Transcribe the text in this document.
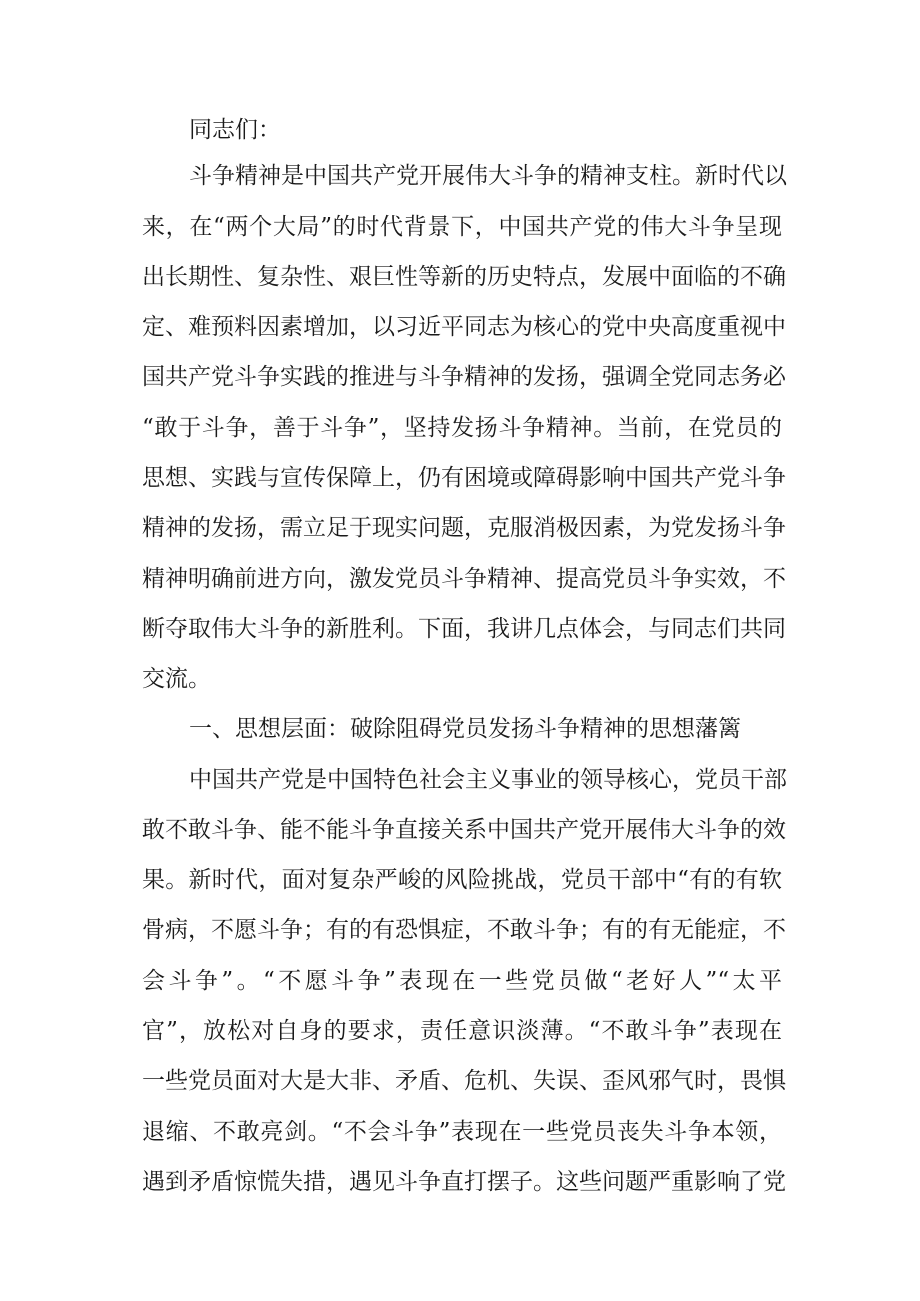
同志们：
斗争精神是中国共产党开展伟大斗争的精神支柱。新时代以
来，在“两个大局”的时代背景下，中国共产党的伟大斗争呈现
出长期性、复杂性、艰巨性等新的历史特点，发展中面临的不确
定、难预料因素增加，以习近平同志为核心的党中央高度重视中
国共产党斗争实践的推进与斗争精神的发扬，强调全党同志务必
“敢于斗争，善于斗争”，坚持发扬斗争精神。当前，在党员的
思想、实践与宣传保障上，仍有困境或障碍影响中国共产党斗争
精神的发扬，需立足于现实问题，克服消极因素，为党发扬斗争
精神明确前进方向，激发党员斗争精神、提高党员斗争实效，不
断夺取伟大斗争的新胜利。下面，我讲几点体会，与同志们共同
交流。
一、思想层面：破除阻碍党员发扬斗争精神的思想藩篱
中国共产党是中国特色社会主义事业的领导核心，党员干部
敢不敢斗争、能不能斗争直接关系中国共产党开展伟大斗争的效
果。新时代，面对复杂严峻的风险挑战，党员干部中“有的有软
骨病，不愿斗争；有的有恐惧症，不敢斗争；有的有无能症，不
会斗争”。“不愿斗争”表现在一些党员做“老好人”“太平
官”，放松对自身的要求，责任意识淡薄。“不敢斗争”表现在
一些党员面对大是大非、矛盾、危机、失误、歪风邪气时，畏惧
退缩、不敢亮剑。“不会斗争”表现在一些党员丧失斗争本领，
遇到矛盾惊慌失措，遇见斗争直打摆子。这些问题严重影响了党
